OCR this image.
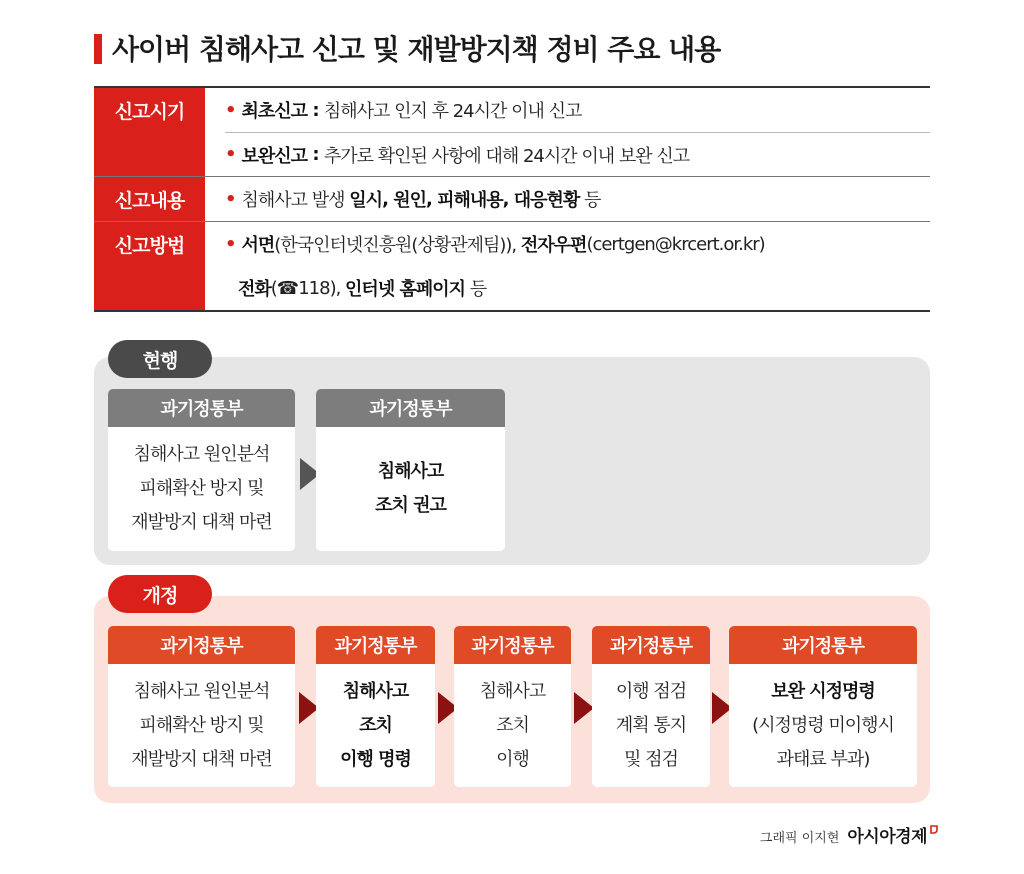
사이버 침해사고 신고 및 재발방지책 정비 주요 내용
신고시기	• 최초신고 : 침해사고 인지 후 24시간 이내 신고
• 보완신고 : 추가로 확인된 사항에 대해 24시간 이내 보완 신고
신고내용	• 침해사고 발생 일시 , 원인 , 피해내용 , 대응현황 등
신고방법	• 서면 (한국인터넷진흥원(상황관제팀)), 전자우편 (certgen@krcert.or.kr)
전화 (☎118), 인터넷 홈페이지 등
현행
과기정통부
침해사고 원인분석
피해확산 방지 및
재발방지 대책 마련
과기정통부
침해사고
조치 권고
개정
과기정통부
침해사고 원인분석
피해확산 방지 및
재발방지 대책 마련
과기정통부
침해사고
조치
이행 명령
과기정통부
침해사고
조치
이행
과기정통부
이행 점검
계획 통지
및 점검
과기정통부
보완 시정명령
(시정명령 미이행시
과태료 부과)
그래픽 이지현 아시아경제
